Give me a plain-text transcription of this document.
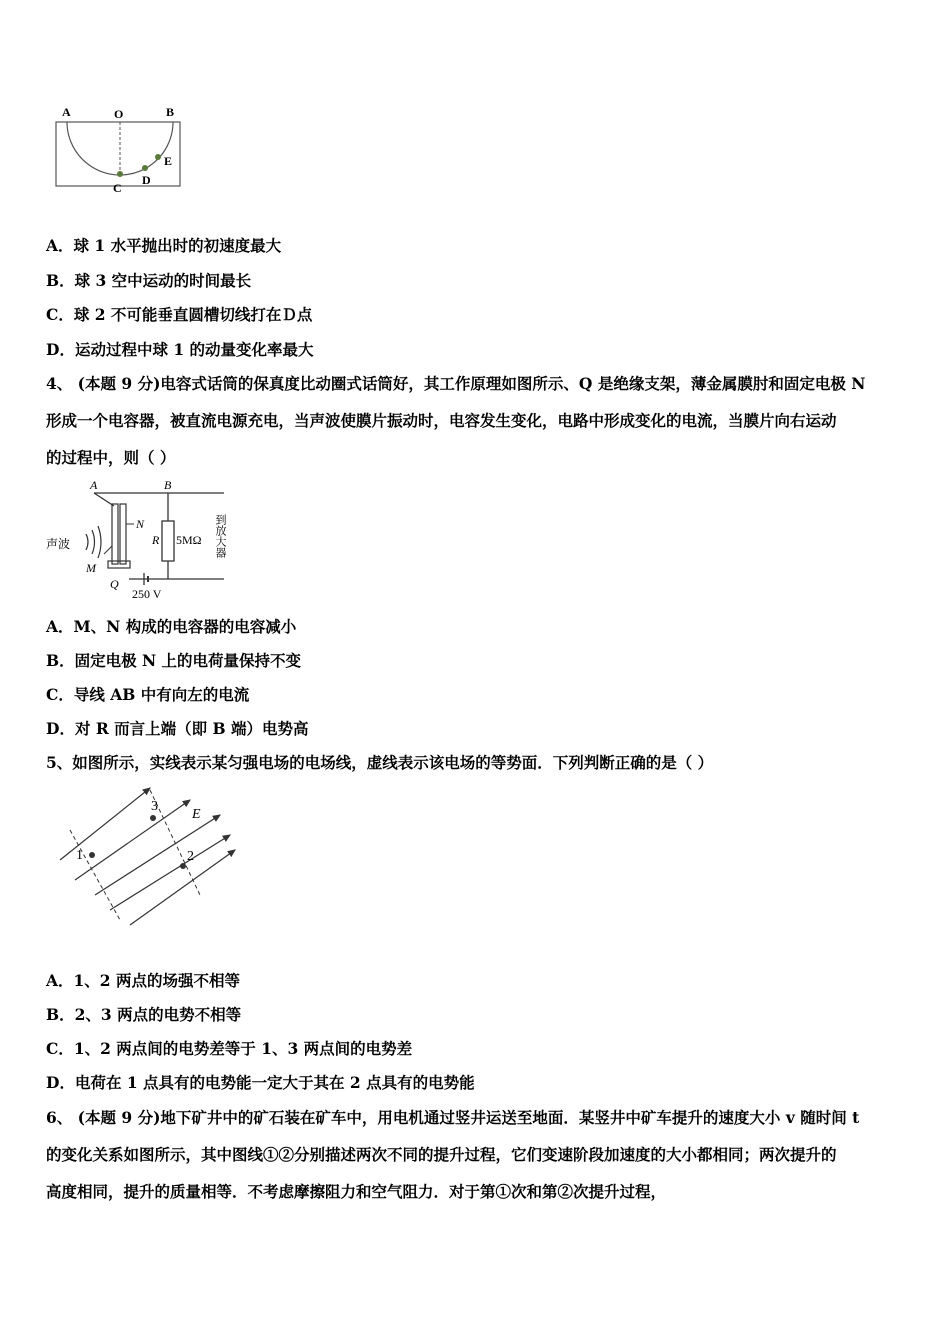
A	O	B
C
D
E
A．球 1 水平抛出时的初速度最大
B．球 3 空中运动的时间最长
C．球 2 不可能垂直圆槽切线打在Ｄ点
D．运动过程中球 1 的动量变化率最大
4、 (本题 9 分)电容式话筒的保真度比动圈式话筒好，其工作原理如图所示、Q 是绝缘支架，薄金属膜肘和固定电极 N
形成一个电容器，被直流电源充电，当声波使膜片振动时，电容发生变化，电路中形成变化的电流，当膜片向右运动
的过程中，则（ ）
A	B
N
R 5MΩ 到放大器
声波
M
Q
250 V
A．M、N 构成的电容器的电容减小
B．固定电极 N 上的电荷量保持不变
C．导线 AB 中有向左的电流
D．对 R 而言上端（即 B 端）电势高
5、如图所示，实线表示某匀强电场的电场线，虚线表示该电场的等势面．下列判断正确的是（ ）
1	2
3
E
A．1、2 两点的场强不相等
B．2、3 两点的电势不相等
C．1、2 两点间的电势差等于 1、3 两点间的电势差
D．电荷在 1 点具有的电势能一定大于其在 2 点具有的电势能
6、 (本题 9 分)地下矿井中的矿石装在矿车中，用电机通过竖井运送至地面．某竖井中矿车提升的速度大小 v 随时间 t
的变化关系如图所示，其中图线①②分别描述两次不同的提升过程，它们变速阶段加速度的大小都相同；两次提升的
高度相同，提升的质量相等．不考虑摩擦阻力和空气阻力．对于第①次和第②次提升过程，
